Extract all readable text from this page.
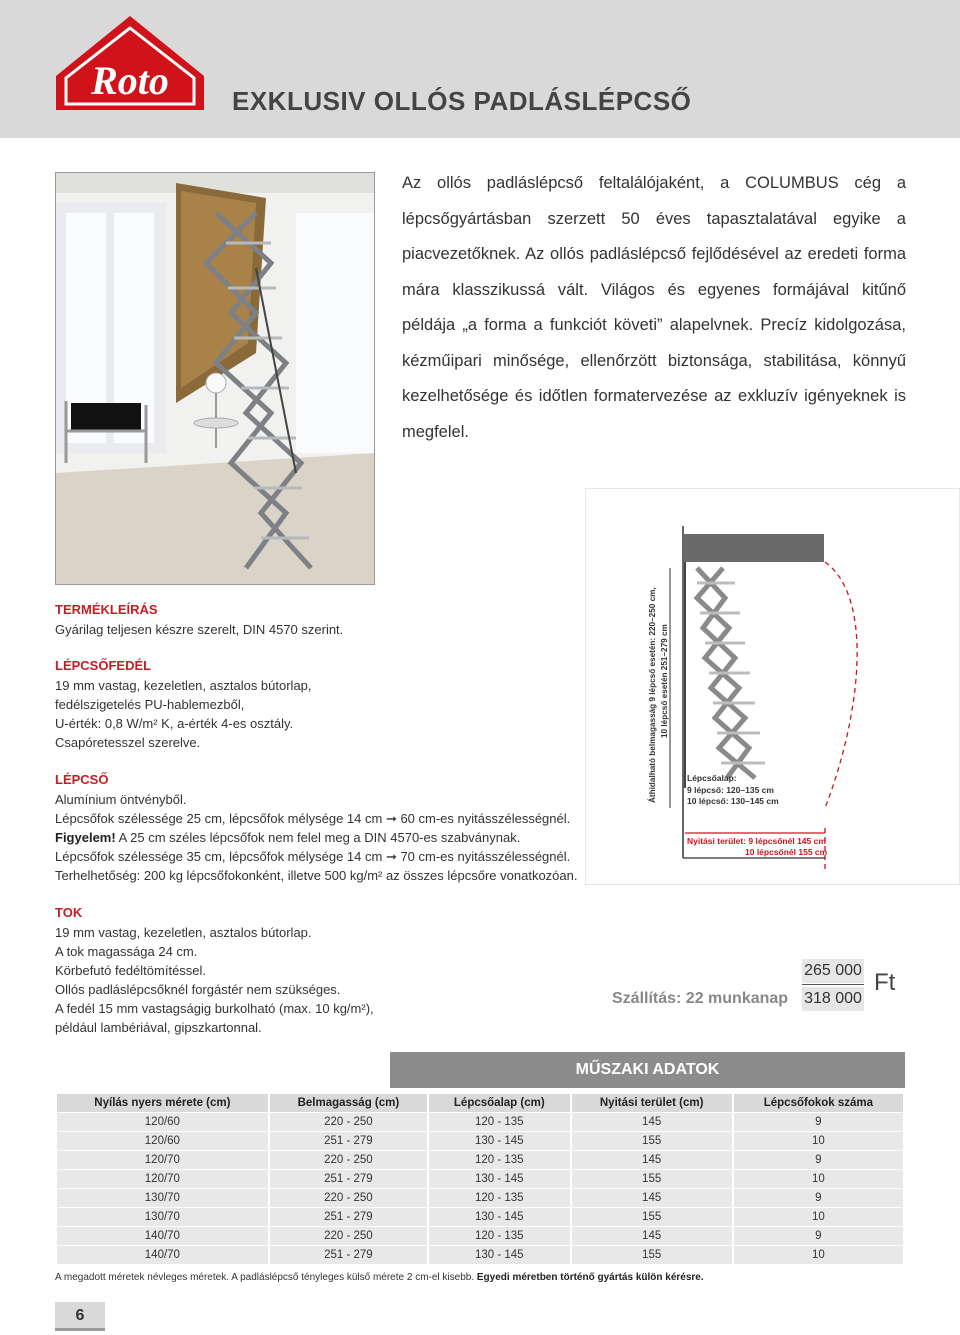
Roto EXKLUSIV OLLÓS PADLÁSLÉPCSŐ

Az ollós padláslépcső feltalálójaként, a COLUMBUS cég a lépcsőgyártásban szerzett 50 éves tapasztalatával egyike a piacvezetőknek. Az ollós padláslépcső fejlődésével az eredeti forma mára klasszikussá vált. Világos és egyenes formájával kitűnő példája „a forma a funkciót követi” alapelvnek. Precíz kidolgozása, kézműipari minősége, ellenőrzött biztonsága, stabilitása, könnyű kezelhetősége és időtlen formatervezése az exkluzív igényeknek is megfelel.

TERMÉKLEÍRÁS
Gyárilag teljesen készre szerelt, DIN 4570 szerint.
LÉPCSŐFEDÉL
19 mm vastag, kezeletlen, asztalos bútorlap,
fedélszigetelés PU-hablemezből,
U-érték: 0,8 W/m² K, a-érték 4-es osztály.
Csapóretesszel szerelve.
LÉPCSŐ
Alumínium öntvényből.
Lépcsőfok szélessége 25 cm, lépcsőfok mélysége 14 cm ➞ 60 cm-es nyitásszélességnél.
Figyelem! A 25 cm széles lépcsőfok nem felel meg a DIN 4570-es szabványnak.
Lépcsőfok szélessége 35 cm, lépcsőfok mélysége 14 cm ➞ 70 cm-es nyitásszélességnél.
Terhelhetőség: 200 kg lépcsőfokonként, illetve 500 kg/m² az összes lépcsőre vonatkozóan.
TOK
19 mm vastag, kezeletlen, asztalos bútorlap.
A tok magassága 24 cm.
Körbefutó fedéltömítéssel.
Ollós padláslépcsőknél forgástér nem szükséges.
A fedél 15 mm vastagságig burkolható (max. 10 kg/m²),
például lambériával, gipszkartonnal.
Áthidalható belmagasság 9 lépcső esetén: 220–250 cm, 10 lépcső esetén 251–279 cm
Lépcsőalap:
9 lépcső: 120–135 cm
10 lépcső: 130–145 cm
Nyitási terület: 9 lépcsőnél 145 cm
10 lépcsőnél 155 cm
Szállítás: 22 munkanap
265 000
318 000
Ft
MŰSZAKI ADATOK
Nyílás nyers mérete (cm)	Belmagasság (cm)	Lépcsőalap (cm)	Nyitási terület (cm)	Lépcsőfokok száma
120/60	220 - 250	120 - 135	145	9
120/60	251 - 279	130 - 145	155	10
120/70	220 - 250	120 - 135	145	9
120/70	251 - 279	130 - 145	155	10
130/70	220 - 250	120 - 135	145	9
130/70	251 - 279	130 - 145	155	10
140/70	220 - 250	120 - 135	145	9
140/70	251 - 279	130 - 145	155	10
A megadott méretek névleges méretek. A padláslépcső tényleges külső mérete 2 cm-el kisebb. Egyedi méretben történő gyártás külön kérésre.
6
